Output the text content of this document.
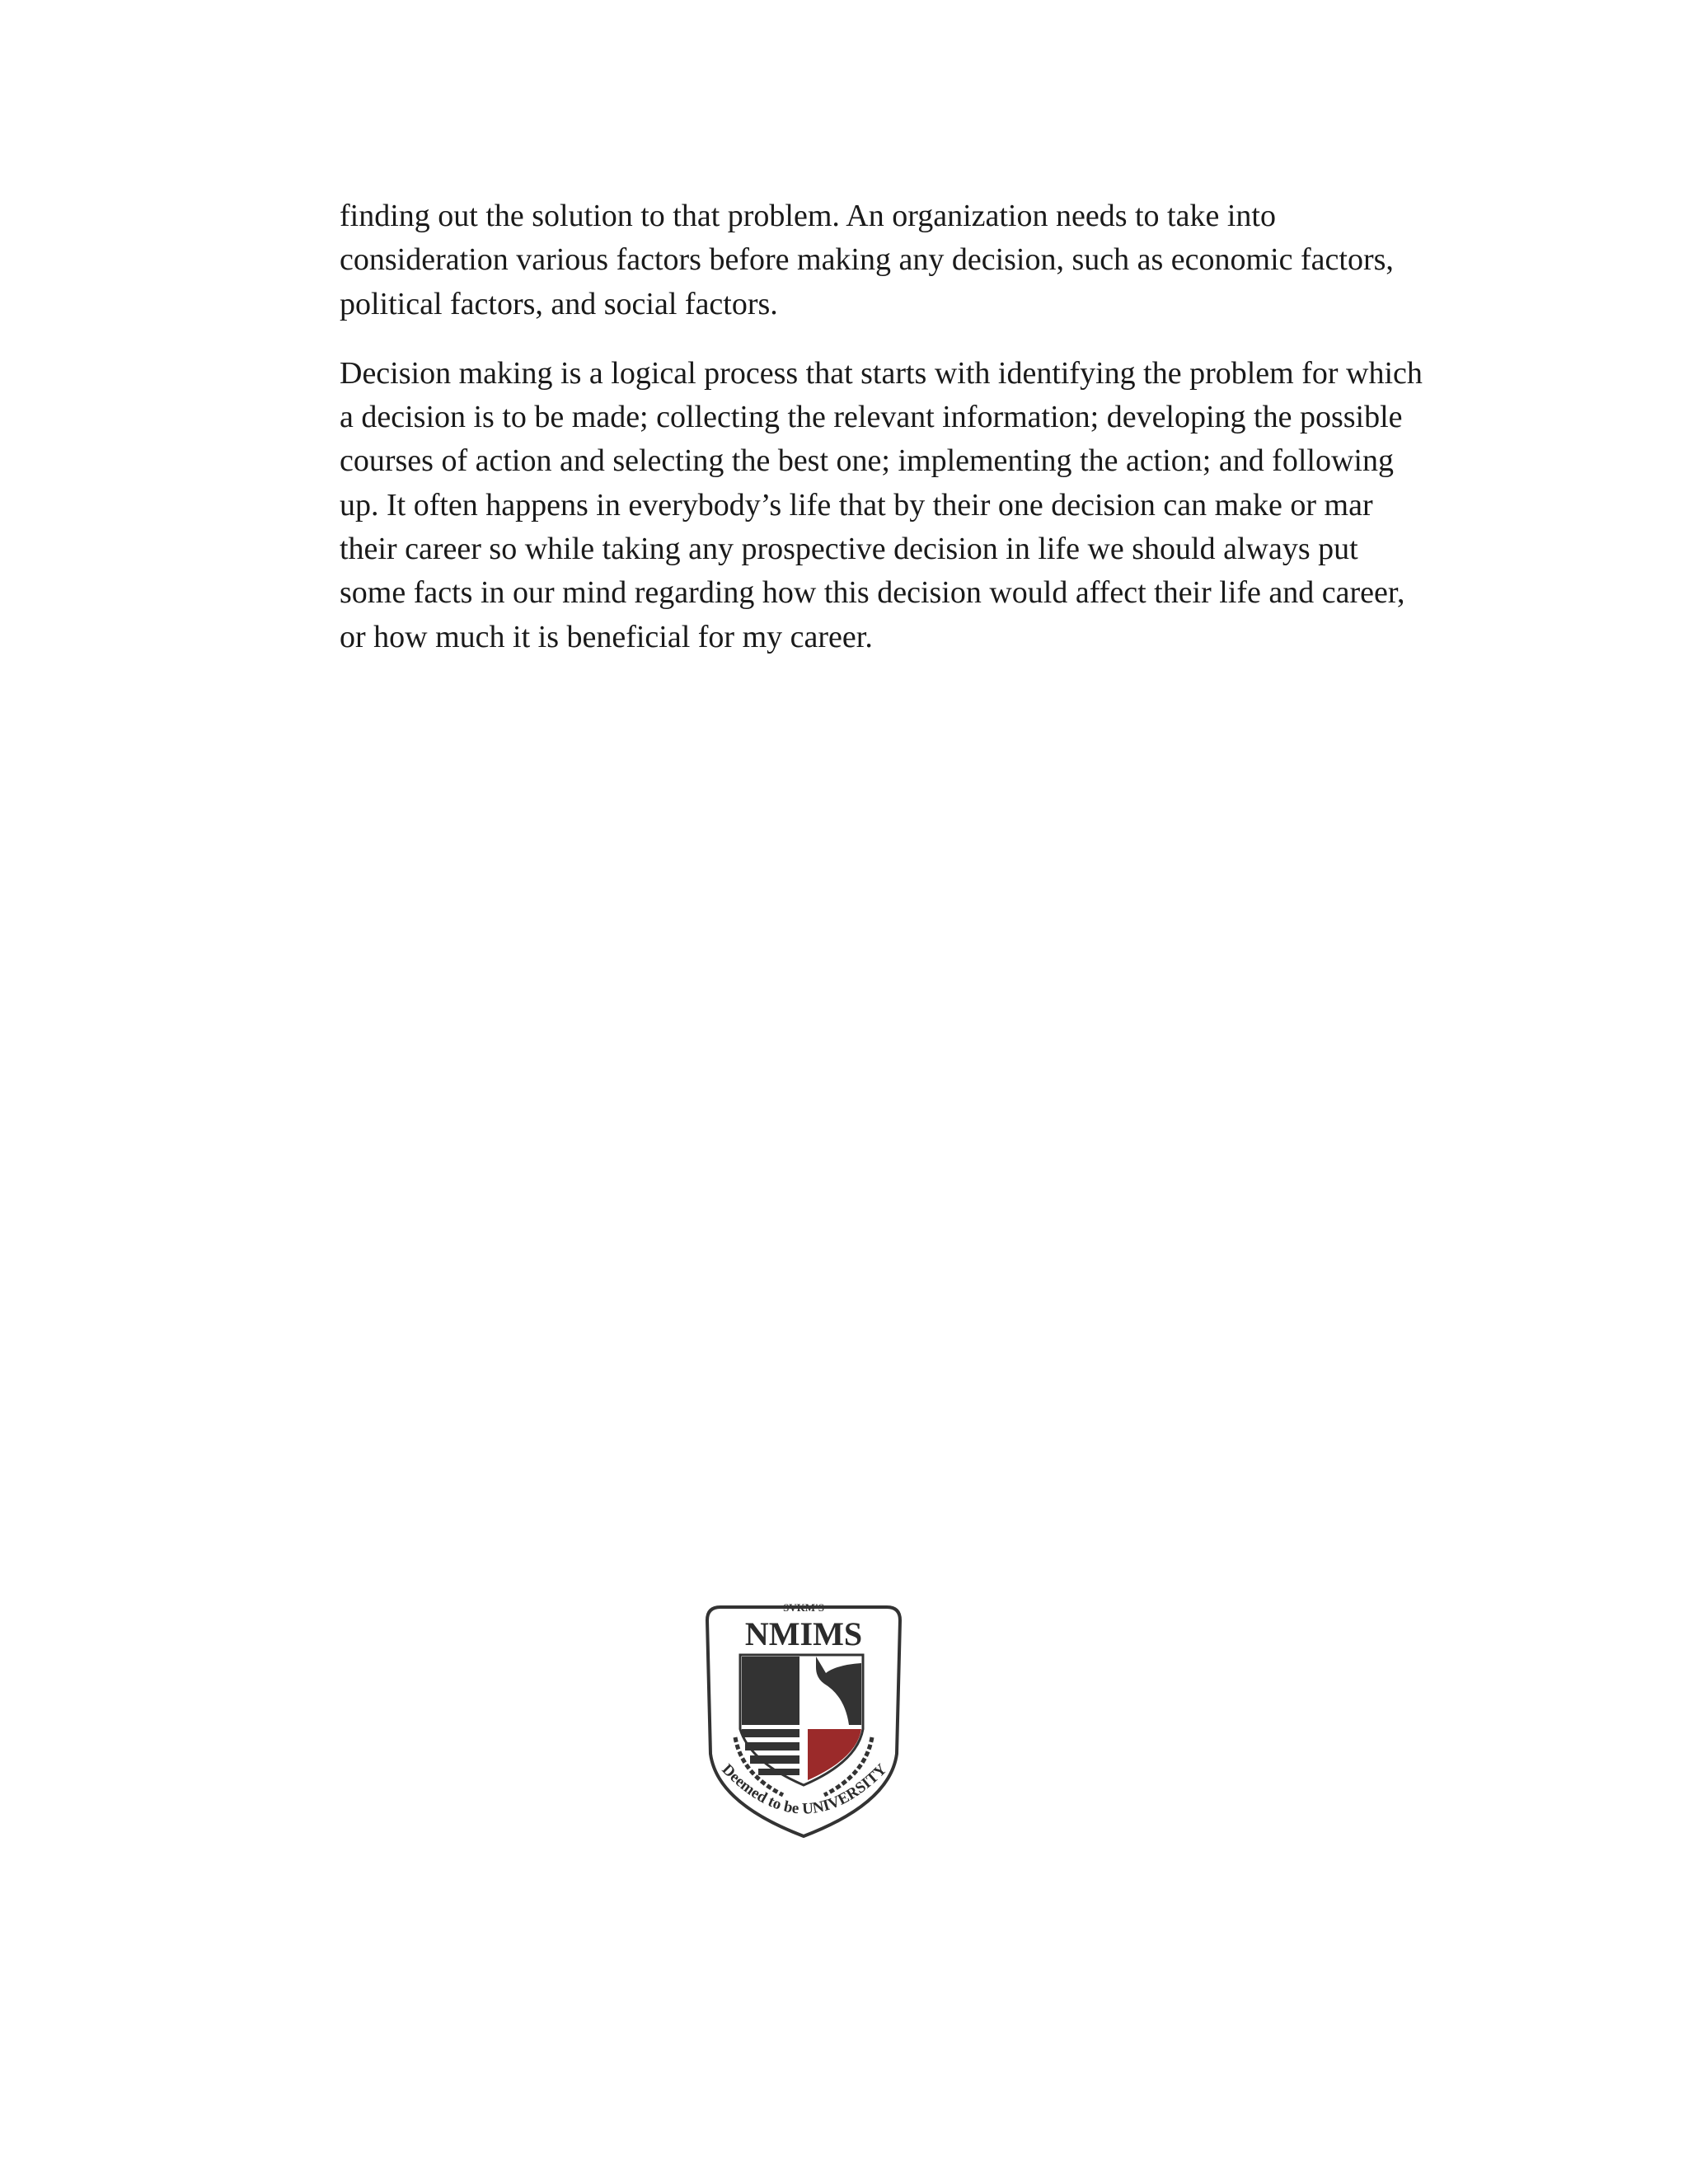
finding out the solution to that problem. An organization needs to take into
consideration various factors before making any decision, such as economic factors,
political factors, and social factors.

Decision making is a logical process that starts with identifying the problem for which
a decision is to be made; collecting the relevant information; developing the possible
courses of action and selecting the best one; implementing the action; and following
up. It often happens in everybody’s life that by their one decision can make or mar
their career so while taking any prospective decision in life we should always put
some facts in our mind regarding how this decision would affect their life and career,
or how much it is beneficial for my career.

SVKM'S
NMIMS
Deemed to be UNIVERSITY
